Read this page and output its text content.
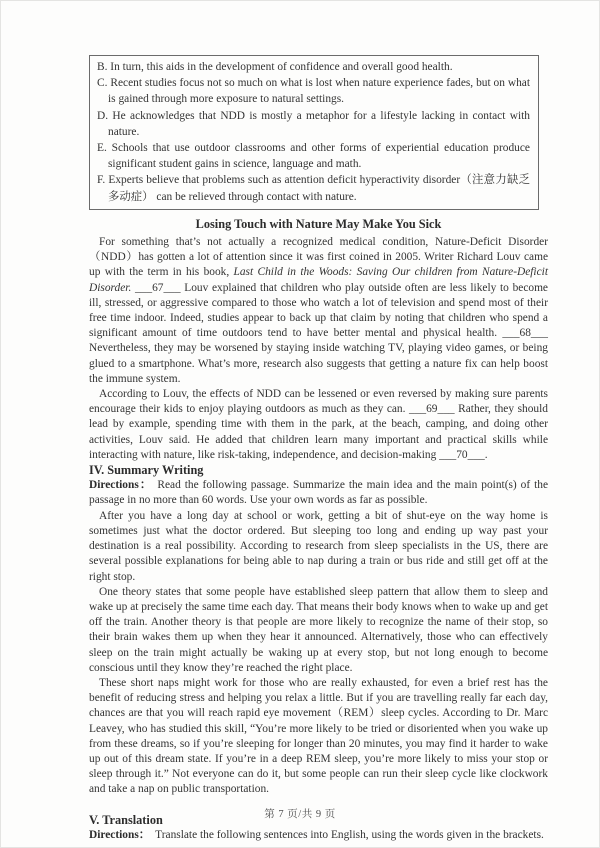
B. In turn, this aids in the development of confidence and overall good health.
C. Recent studies focus not so much on what is lost when nature experience fades, but on what is gained through more exposure to natural settings.
D. He acknowledges that NDD is mostly a metaphor for a lifestyle lacking in contact with nature.
E. Schools that use outdoor classrooms and other forms of experiential education produce significant student gains in science, language and math.
F. Experts believe that problems such as attention deficit hyperactivity disorder（注意力缺乏多动症） can be relieved through contact with nature.
Losing Touch with Nature May Make You Sick

For something that’s not actually a recognized medical condition, Nature-Deficit Disorder（NDD）has gotten a lot of attention since it was first coined in 2005. Writer Richard Louv came up with the term in his book, Last Child in the Woods: Saving Our children from Nature-Deficit Disorder. ___67___ Louv explained that children who play outside often are less likely to become ill, stressed, or aggressive compared to those who watch a lot of television and spend most of their free time indoor. Indeed, studies appear to back up that claim by noting that children who spend a significant amount of time outdoors tend to have better mental and physical health. ___68___ Nevertheless, they may be worsened by staying inside watching TV, playing video games, or being glued to a smartphone. What’s more, research also suggests that getting a nature fix can help boost the immune system.

According to Louv, the effects of NDD can be lessened or even reversed by making sure parents encourage their kids to enjoy playing outdoors as much as they can. ___69___ Rather, they should lead by example, spending time with them in the park, at the beach, camping, and doing other activities, Louv said. He added that children learn many important and practical skills while interacting with nature, like risk-taking, independence, and decision-making ___70___.

IV. Summary Writing

Directions： Read the following passage. Summarize the main idea and the main point(s) of the passage in no more than 60 words. Use your own words as far as possible.

After you have a long day at school or work, getting a bit of shut-eye on the way home is sometimes just what the doctor ordered. But sleeping too long and ending up way past your destination is a real possibility. According to research from sleep specialists in the US, there are several possible explanations for being able to nap during a train or bus ride and still get off at the right stop.

One theory states that some people have established sleep pattern that allow them to sleep and wake up at precisely the same time each day. That means their body knows when to wake up and get off the train. Another theory is that people are more likely to recognize the name of their stop, so their brain wakes them up when they hear it announced. Alternatively, those who can effectively sleep on the train might actually be waking up at every stop, but not long enough to become conscious until they know they’re reached the right place.

These short naps might work for those who are really exhausted, for even a brief rest has the benefit of reducing stress and helping you relax a little. But if you are travelling really far each day, chances are that you will reach rapid eye movement（REM）sleep cycles. According to Dr. Marc Leavey, who has studied this skill, “You’re more likely to be tried or disoriented when you wake up from these dreams, so if you’re sleeping for longer than 20 minutes, you may find it harder to wake up out of this dream state. If you’re in a deep REM sleep, you’re more likely to miss your stop or sleep through it.” Not everyone can do it, but some people can run their sleep cycle like clockwork and take a nap on public transportation.

V. Translation

Directions： Translate the following sentences into English, using the words given in the brackets.

第 7 页/共 9 页
